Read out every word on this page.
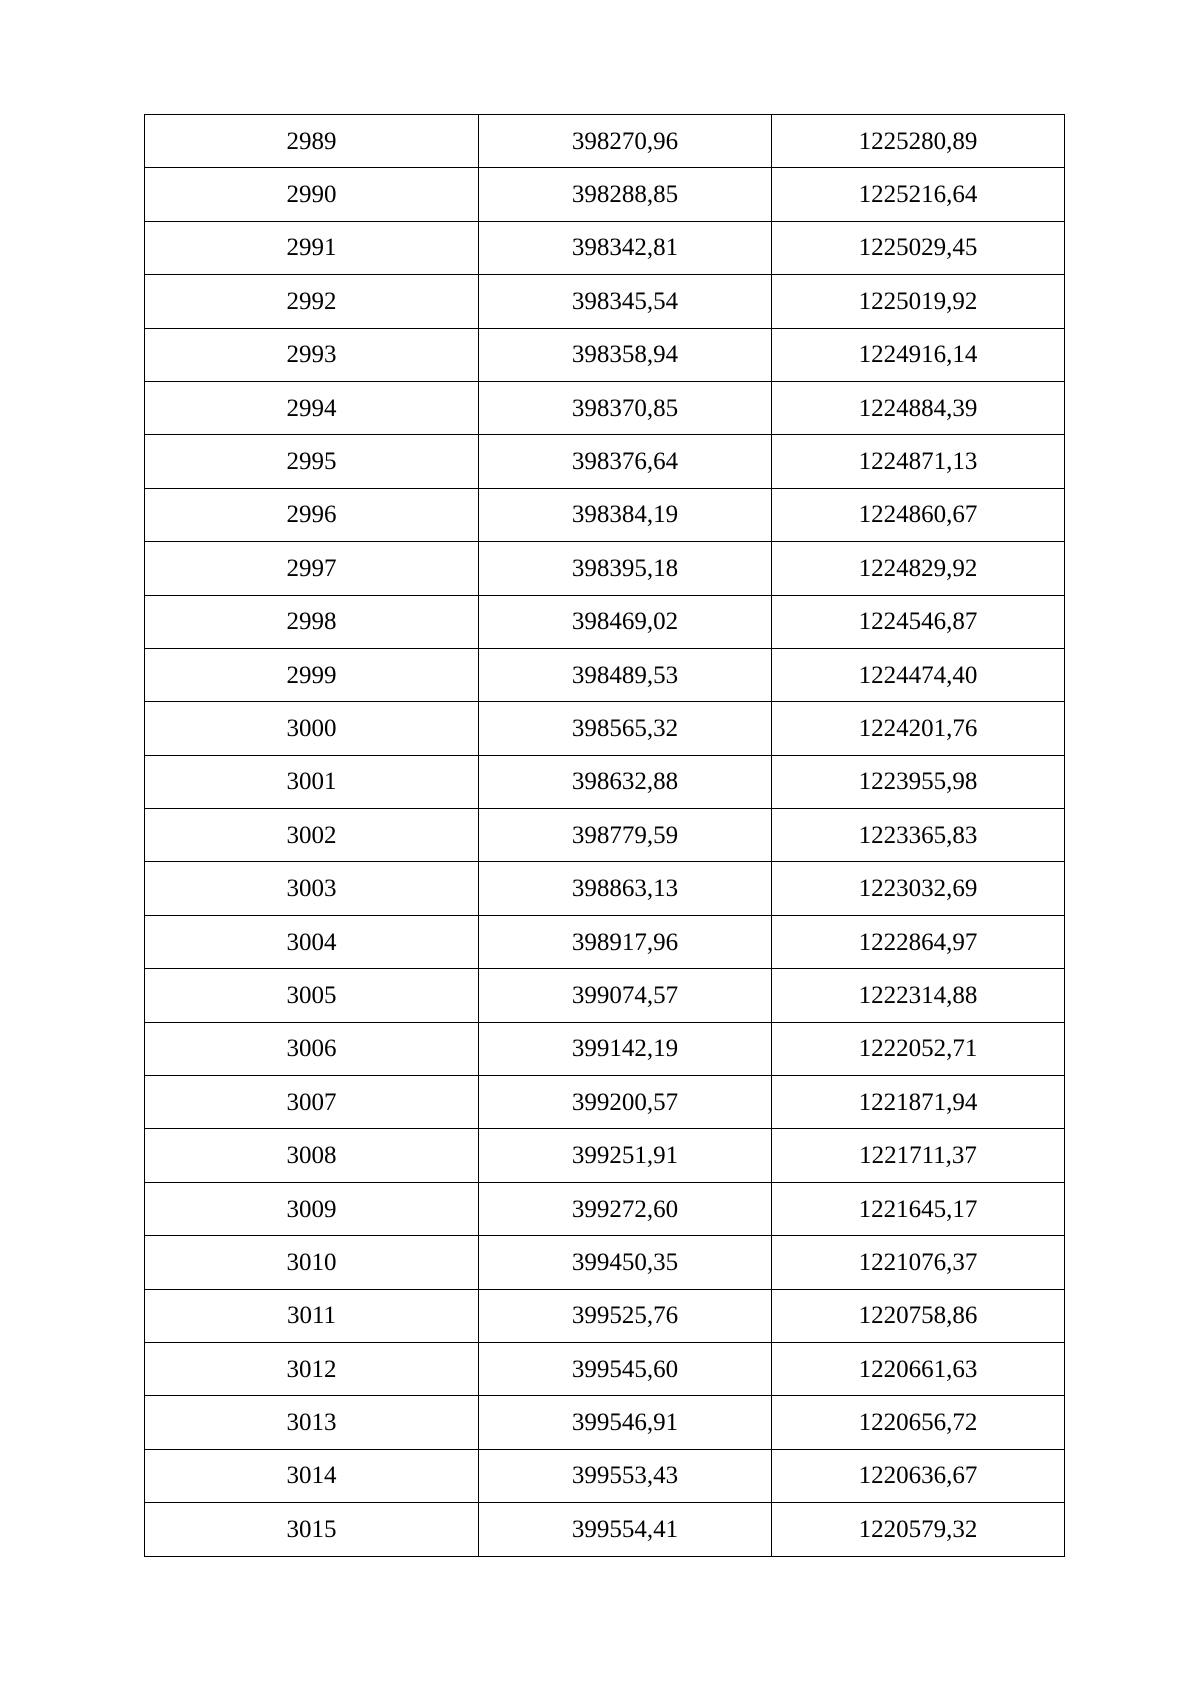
2989	398270,96	1225280,89
2990	398288,85	1225216,64
2991	398342,81	1225029,45
2992	398345,54	1225019,92
2993	398358,94	1224916,14
2994	398370,85	1224884,39
2995	398376,64	1224871,13
2996	398384,19	1224860,67
2997	398395,18	1224829,92
2998	398469,02	1224546,87
2999	398489,53	1224474,40
3000	398565,32	1224201,76
3001	398632,88	1223955,98
3002	398779,59	1223365,83
3003	398863,13	1223032,69
3004	398917,96	1222864,97
3005	399074,57	1222314,88
3006	399142,19	1222052,71
3007	399200,57	1221871,94
3008	399251,91	1221711,37
3009	399272,60	1221645,17
3010	399450,35	1221076,37
3011	399525,76	1220758,86
3012	399545,60	1220661,63
3013	399546,91	1220656,72
3014	399553,43	1220636,67
3015	399554,41	1220579,32
